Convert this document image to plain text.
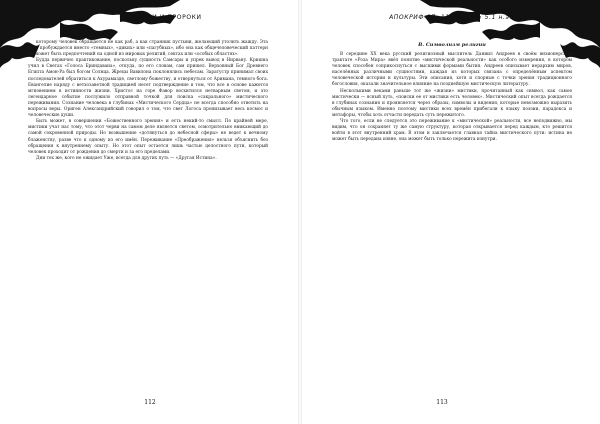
ТРАДИЦИИ И ПРОРОКИ

которому человек обращается не как раб, а как странник пустыни, желающий утолить жажду. Эта вера пробуждается вместо «темных», «диких» или «пагубных», ибо она как общечеловеческий паттерн не может быть предпочтений на одной из мировых религий, сектах или «особых областях».

Будда первично практикование, поскольку сущность Самсары и упрек вывод в Нирвану. Кришна учил в Светах «Голоса Бриндавана», откуда, по его словам, сам пришел. Верховный Бог Древнего Египта Амон-Ра был богом Солнца. Жрецы Вавилона поклонялись небесам. Заратустр принимал своих последователей обратиться к Ахурамазде, светлому божеству, и отвернуться от Аримана, темного бога. Евангелие наряду с ветхозаветной традицией несет подтверждение в том, что все в основе кажется мгновением в истинности жизни. Христос на горе Фавор восхитился нетварным светом, и это легендарное событие послужило отправной точкой для поиска «сакрального» мистического переживания. Сознание человека в глубинах «Мистического Сердца» не всегда способно ответить на вопросы веры. Ориген Александрийский говорил о том, что свет Логоса пронизывает весь космос и человеческие души.

Быть может, в совершении «Божественного зрения» и есть некий-то смысл. По крайней мере, мистики учат нас тому, что этот черви на самом деле является светом, осмотрительно вникающий до самой сокровенной природы. Но возвышение «дотянуться до небесной сферы» не ведет к вечному блаженству, разве что к одному из его имён. Переживание «Преображения» нельзя объяснить без обращения к внутреннему опыту. Но этот опыт остается лишь частью целостного пути, который человек проходит от рождения до смерти и за его пределами.

Дни тех же, кого не ожидает Уже, всегда для других путь — «Другая Истина».

112
АПОКРИФ-97: 11.2016 (№ 5.1 н.э.)
В. Символизм религии

В середине XX века русский религиозный мыслитель Даниил Андреев в своём визионерском трактате «Роза Мира» ввёл понятие «мистической реальности» как особого измерения, в котором человек способен соприкоснуться с высшими формами бытия. Андреев описывает иерархию миров, населённых различными сущностями, каждая из которых связана с определённым аспектом человеческой истории и культуры. Эти описания, хотя и спорные с точки зрения традиционного богословия, оказали значительное влияние на позднейшую мистическую литературу.

Несколькими веками раньше тот же «жизни» мистики, прочитанный как символ, как самое мистически — ясный путь, «поиски ее от мистики есть человек». Мистический опыт всегда рождается в глубинах сознания и проявляется через образы, символы и видения, которые невозможно выразить обычным языком. Именно поэтому мистики всех времён прибегали к языку поэзии, парадокса и метафоры, чтобы хоть отчасти передать суть пережитого.

Что того, если не следуется это переживание к «мистической» реальности, все неподвижно, мы видим, что он сохраняет ту же самую структуру, которая открывается перед каждым, кто решится войти в этот внутренний храм. В этом и заключается главная тайна мистического пути: истина не может быть передана извне, она может быть только пережита изнутри.

113
